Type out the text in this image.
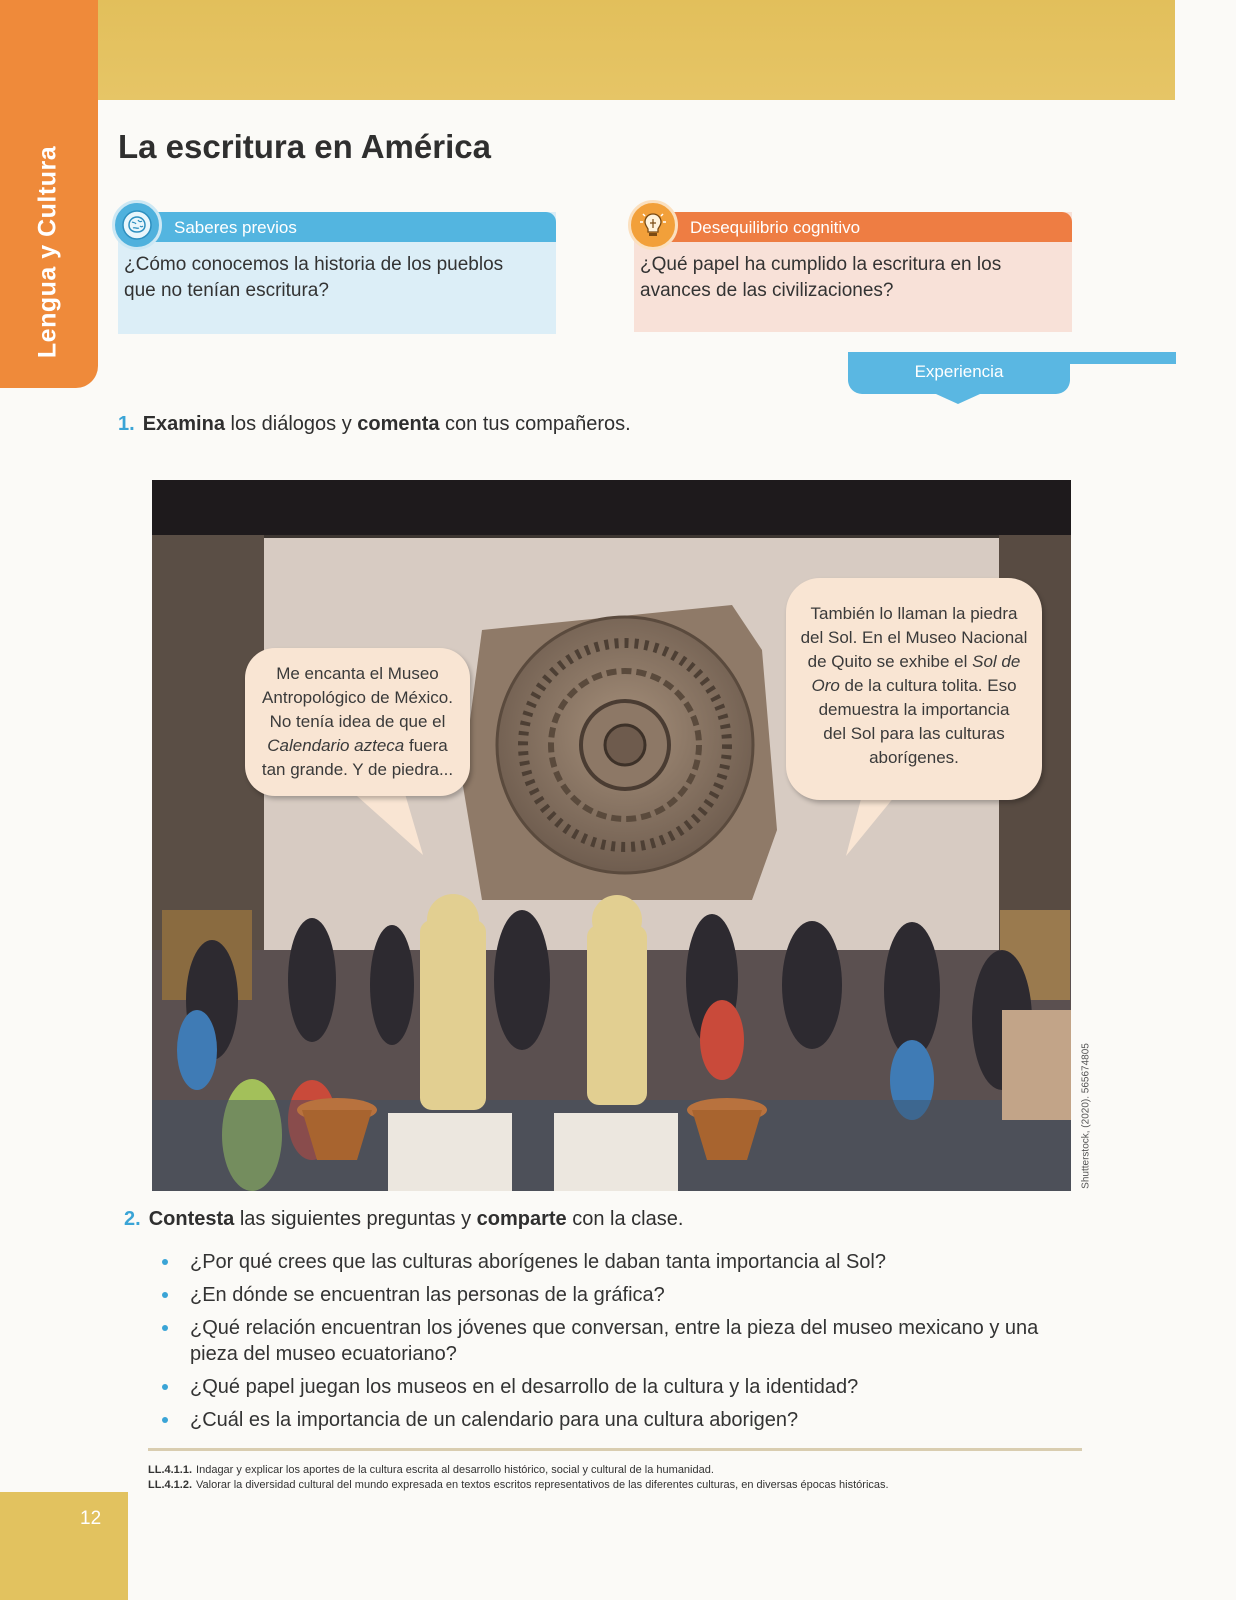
Lengua y Cultura La escritura en América
Saberes previos
¿Cómo conocemos la historia de los pueblos que no tenían escritura?
Desequilibrio cognitivo
¿Qué papel ha cumplido la escritura en los avances de las civilizaciones?
Experiencia

1. Examina los diálogos y comenta con tus compañeros.

Me encanta el Museo
Antropológico de México.
No tenía idea de que el
Calendario azteca fuera
tan grande. Y de piedra...
También lo llaman la piedra
del Sol. En el Museo Nacional
de Quito se exhibe el Sol de
Oro de la cultura tolita. Eso
demuestra la importancia
del Sol para las culturas
aborígenes.
Shutterstock, (2020). 565674805

2. Contesta las siguientes preguntas y comparte con la clase.

¿Por qué crees que las culturas aborígenes le daban tanta importancia al Sol?
¿En dónde se encuentran las personas de la gráfica?
¿Qué relación encuentran los jóvenes que conversan, entre la pieza del museo mexicano y una pieza del museo ecuatoriano?
¿Qué papel juegan los museos en el desarrollo de la cultura y la identidad?
¿Cuál es la importancia de un calendario para una cultura aborigen?
LL.4.1.1. Indagar y explicar los aportes de la cultura escrita al desarrollo histórico, social y cultural de la humanidad.
LL.4.1.2. Valorar la diversidad cultural del mundo expresada en textos escritos representativos de las diferentes culturas, en diversas épocas históricas.
12
